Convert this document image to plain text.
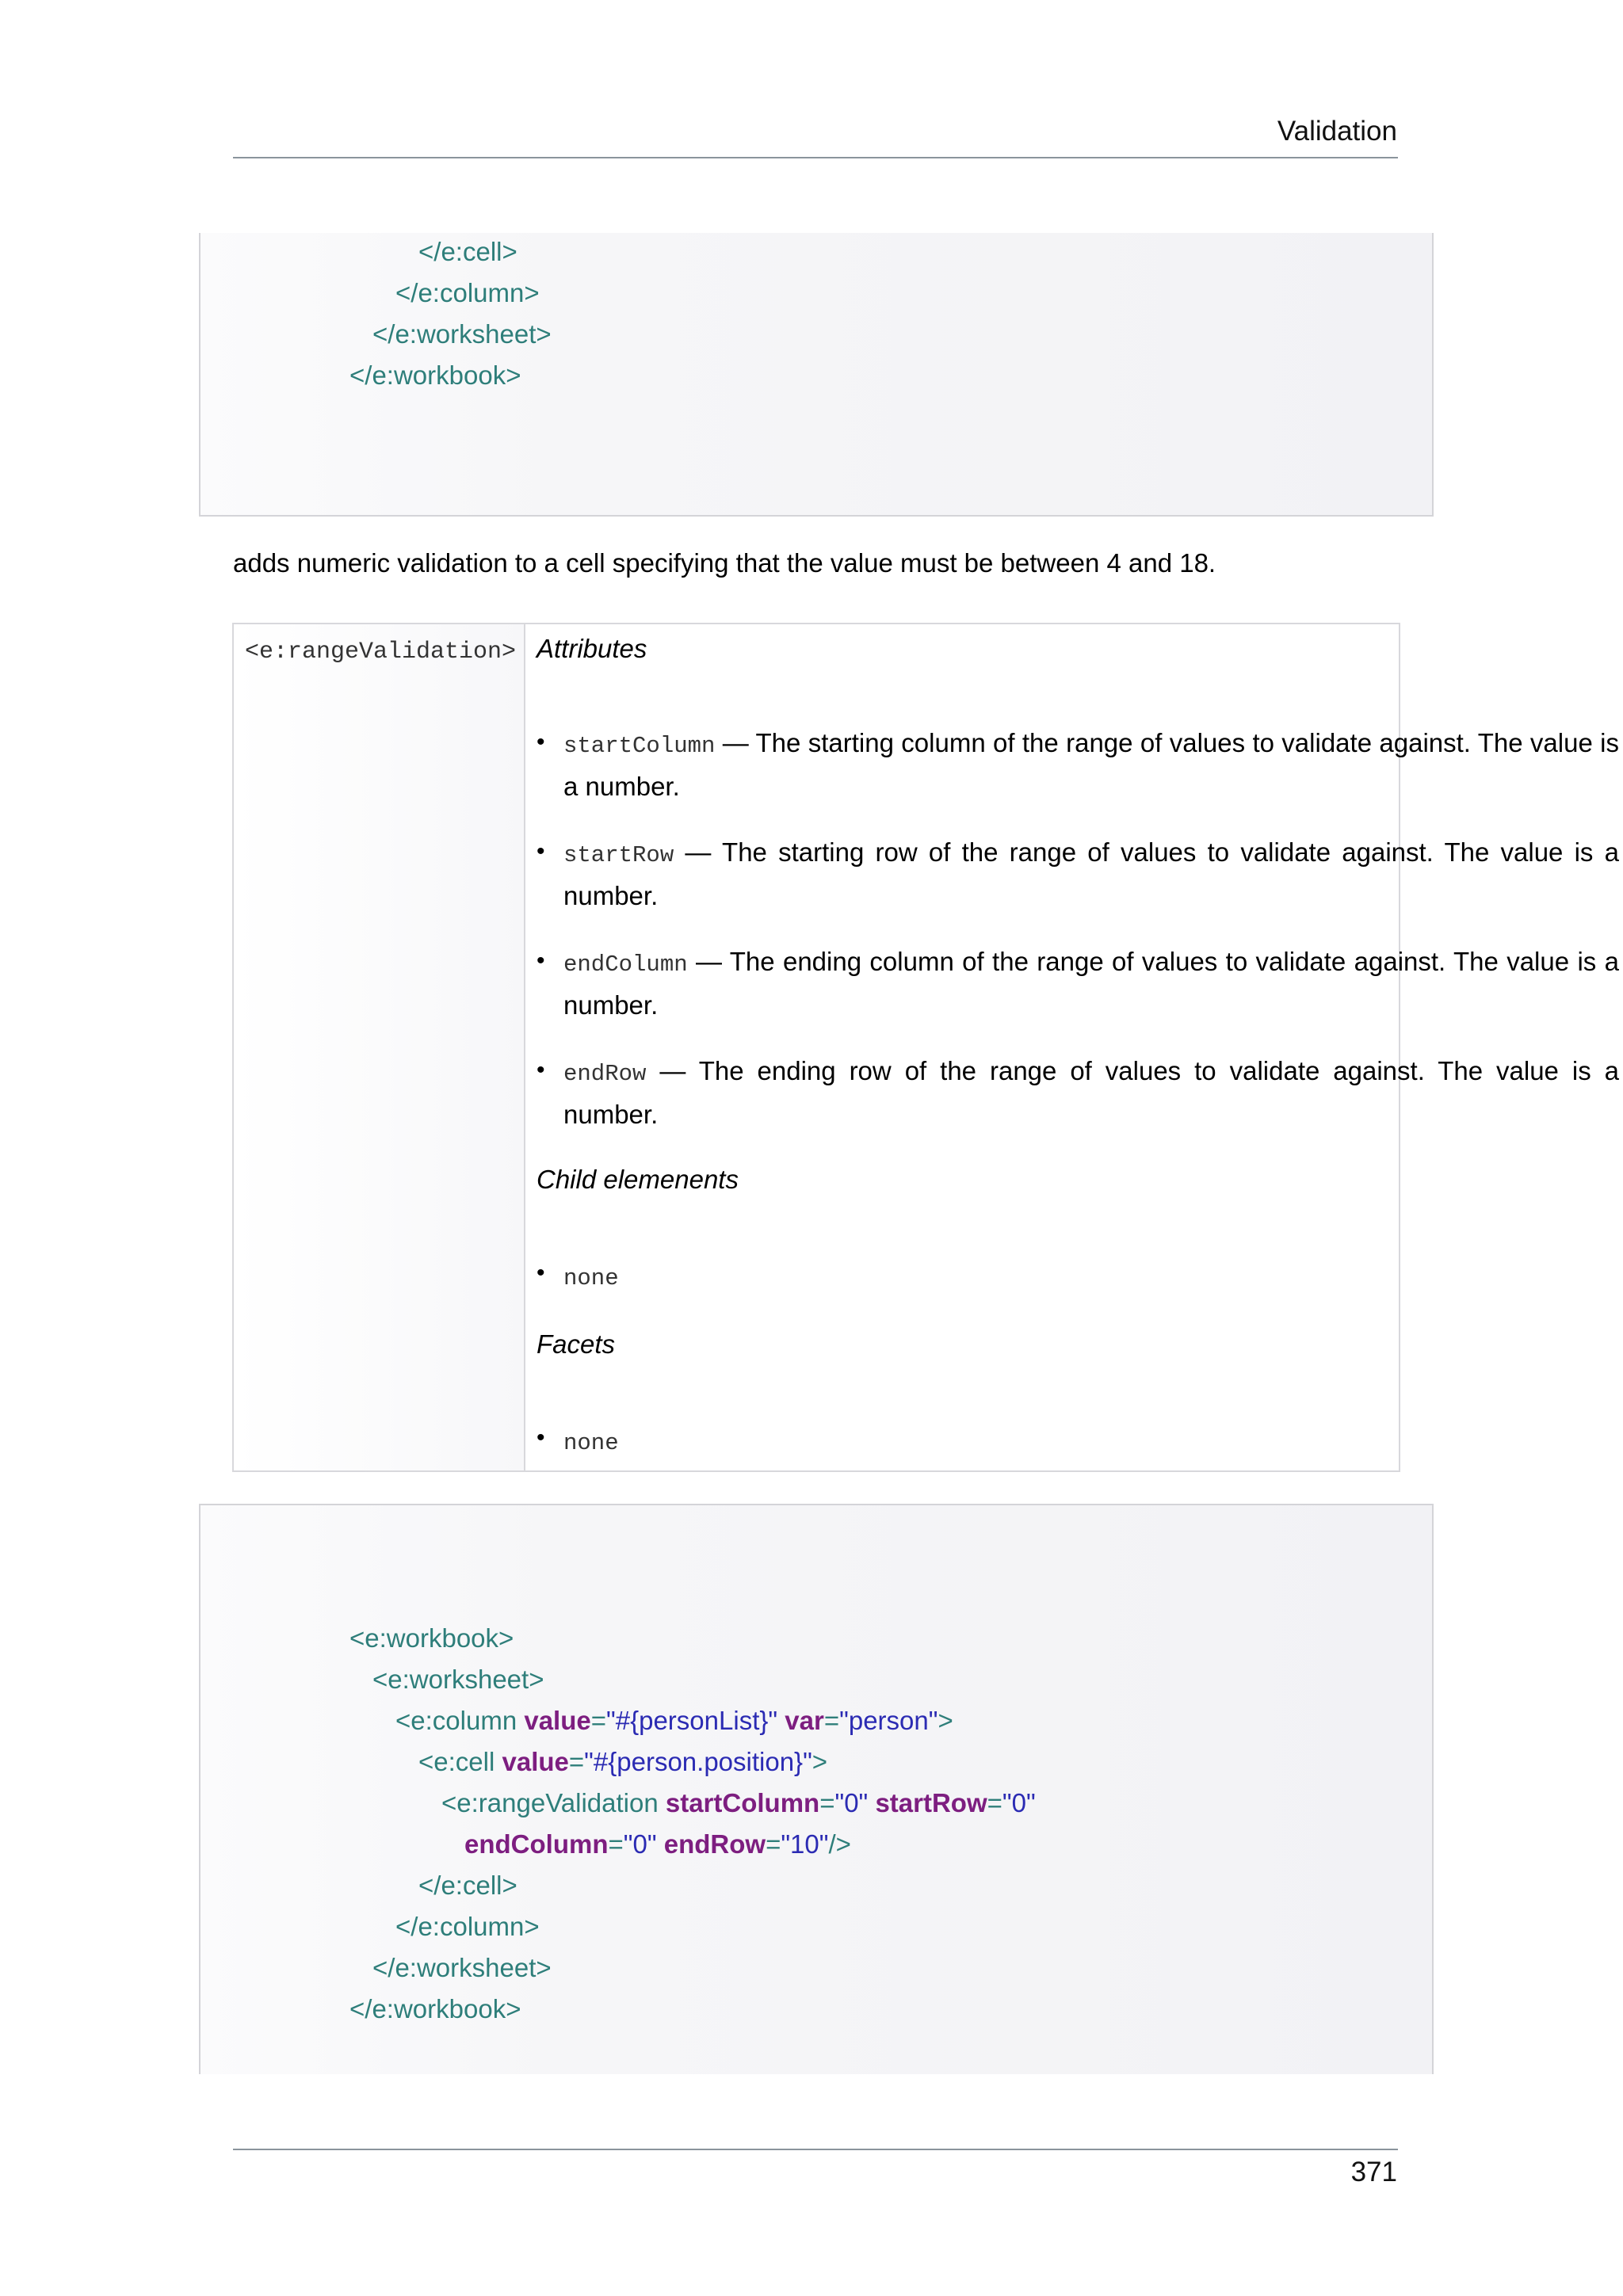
Validation
</e:cell>
</e:column>
</e:worksheet>
</e:workbook>
adds numeric validation to a cell specifying that the value must be between 4 and 18.
<e:rangeValidation> Attributes
• startColumn — The starting column of the range of values to validate against. The value is a number.
• startRow — The starting row of the range of values to validate against. The value is a number.
• endColumn — The ending column of the range of values to validate against. The value is a number.
• endRow — The ending row of the range of values to validate against. The value is a number.
Child elemenents
• none
Facets
• none
<e:workbook>
<e:worksheet>
<e:column value="#{personList}" var="person">
<e:cell value="#{person.position}">
<e:rangeValidation startColumn="0" startRow="0"
endColumn="0" endRow="10"/>
</e:cell>
</e:column>
</e:worksheet>
</e:workbook>
371
